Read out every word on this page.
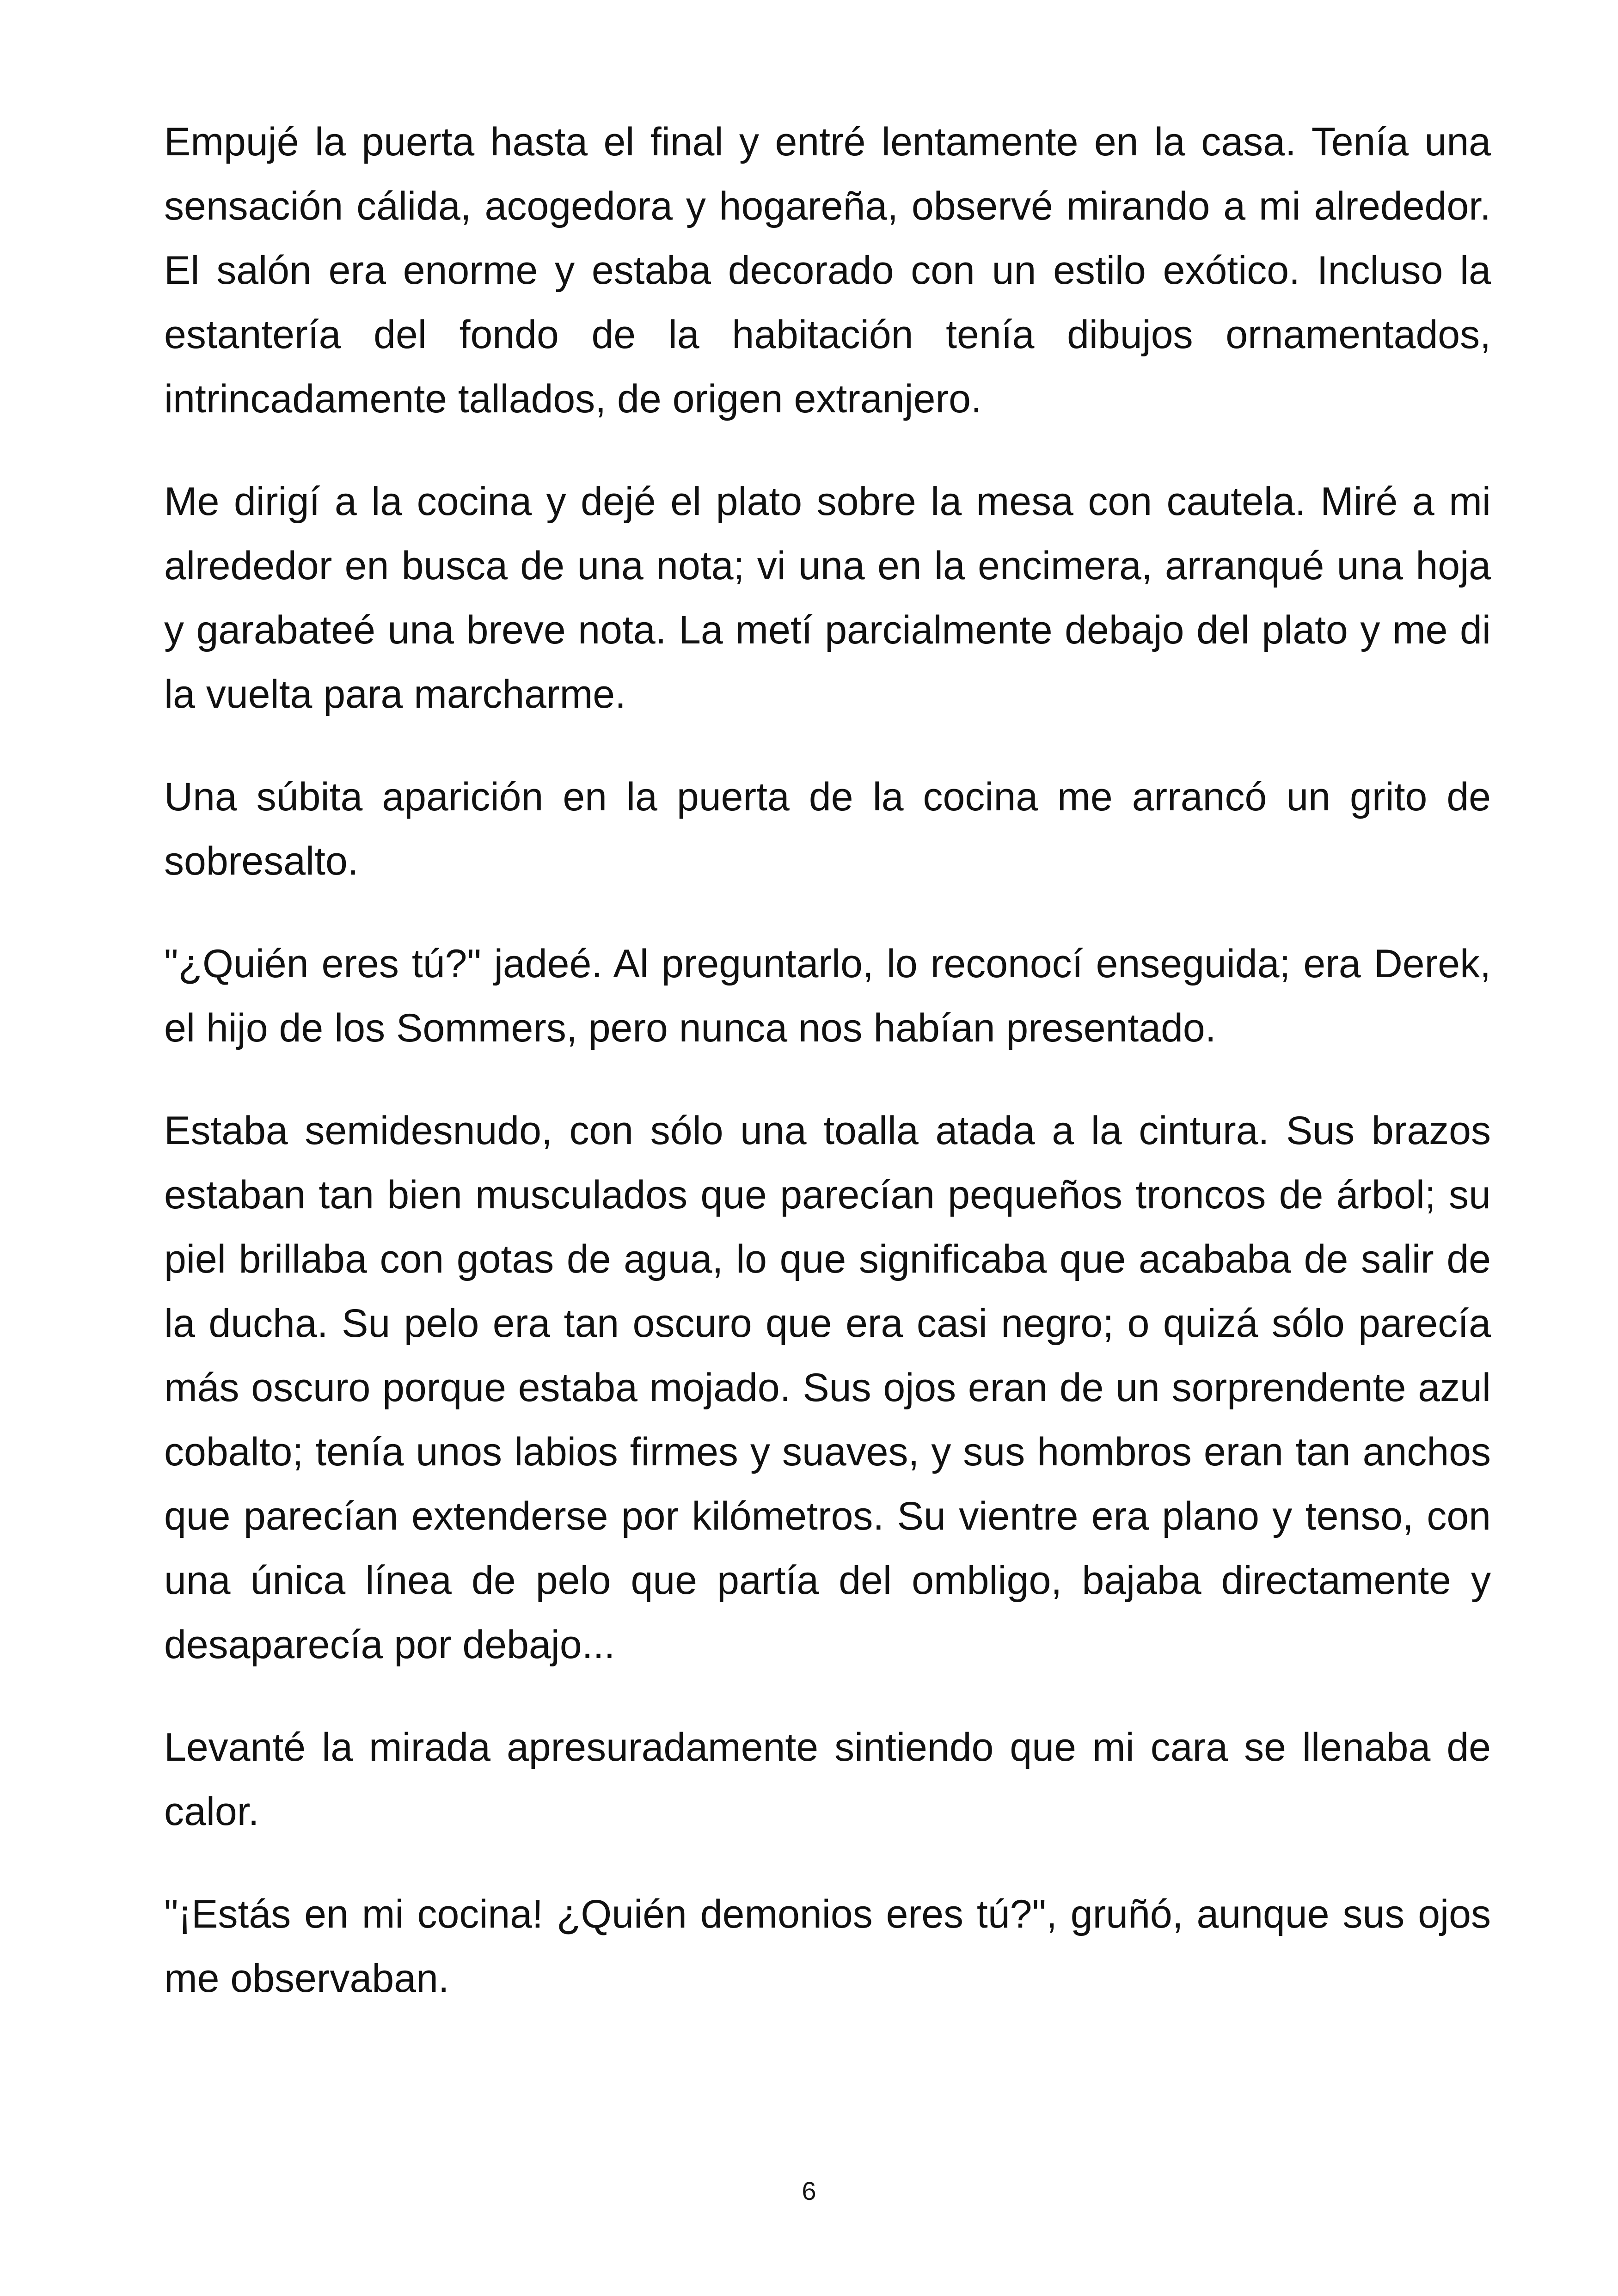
Empujé la puerta hasta el final y entré lentamente en la casa. Tenía una sensación cálida, acogedora y hogareña, observé mirando a mi alrededor. El salón era enorme y estaba decorado con un estilo exótico. Incluso la estantería del fondo de la habitación tenía dibujos ornamentados, intrincadamente tallados, de origen extranjero.

Me dirigí a la cocina y dejé el plato sobre la mesa con cautela. Miré a mi alrededor en busca de una nota; vi una en la encimera, arranqué una hoja y garabateé una breve nota. La metí parcialmente debajo del plato y me di la vuelta para marcharme.

Una súbita aparición en la puerta de la cocina me arrancó un grito de sobresalto.

"¿Quién eres tú?" jadeé. Al preguntarlo, lo reconocí enseguida; era Derek, el hijo de los Sommers, pero nunca nos habían presentado.

Estaba semidesnudo, con sólo una toalla atada a la cintura. Sus brazos estaban tan bien musculados que parecían pequeños troncos de árbol; su piel brillaba con gotas de agua, lo que significaba que acababa de salir de la ducha. Su pelo era tan oscuro que era casi negro; o quizá sólo parecía más oscuro porque estaba mojado. Sus ojos eran de un sorprendente azul cobalto; tenía unos labios firmes y suaves, y sus hombros eran tan anchos que parecían extenderse por kilómetros. Su vientre era plano y tenso, con una única línea de pelo que partía del ombligo, bajaba directamente y desaparecía por debajo...

Levanté la mirada apresuradamente sintiendo que mi cara se llenaba de calor.

"¡Estás en mi cocina! ¿Quién demonios eres tú?", gruñó, aunque sus ojos me observaban.

6
